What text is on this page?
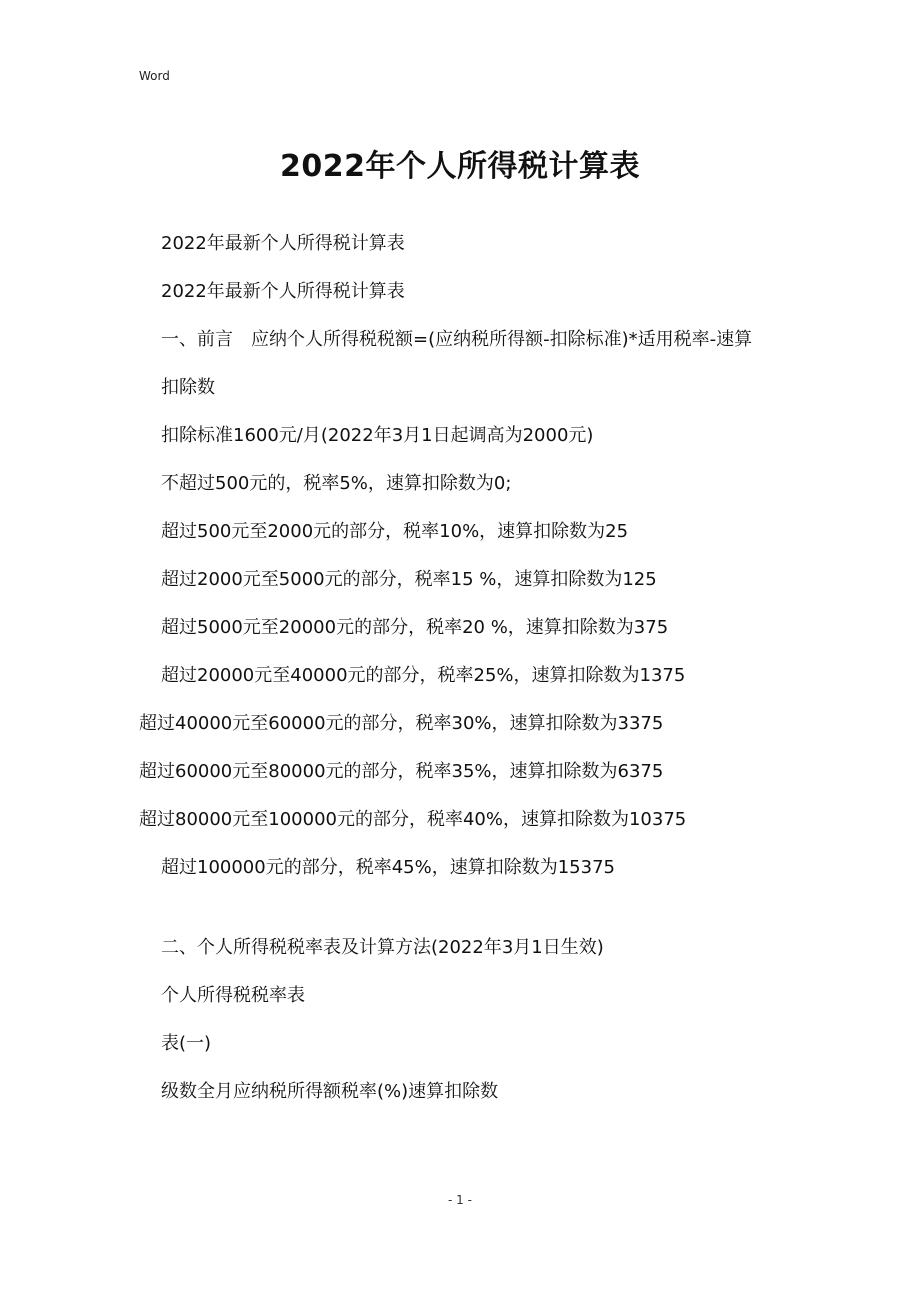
Word
2022年个人所得税计算表

2022年最新个人所得税计算表

2022年最新个人所得税计算表

一、前言　应纳个人所得税税额=(应纳税所得额-扣除标准)*适用税率-速算

扣除数

扣除标准1600元/月(2022年3月1日起调高为2000元)

不超过500元的，税率5%，速算扣除数为0;

超过500元至2000元的部分，税率10%，速算扣除数为25

超过2000元至5000元的部分，税率15 %，速算扣除数为125

超过5000元至20000元的部分，税率20 %，速算扣除数为375

超过20000元至40000元的部分，税率25%，速算扣除数为1375

超过40000元至60000元的部分，税率30%，速算扣除数为3375

超过60000元至80000元的部分，税率35%，速算扣除数为6375

超过80000元至100000元的部分，税率40%，速算扣除数为10375

超过100000元的部分，税率45%，速算扣除数为15375

二、个人所得税税率表及计算方法(2022年3月1日生效)

个人所得税税率表

表(一)

级数全月应纳税所得额税率(%)速算扣除数

- 1 -
